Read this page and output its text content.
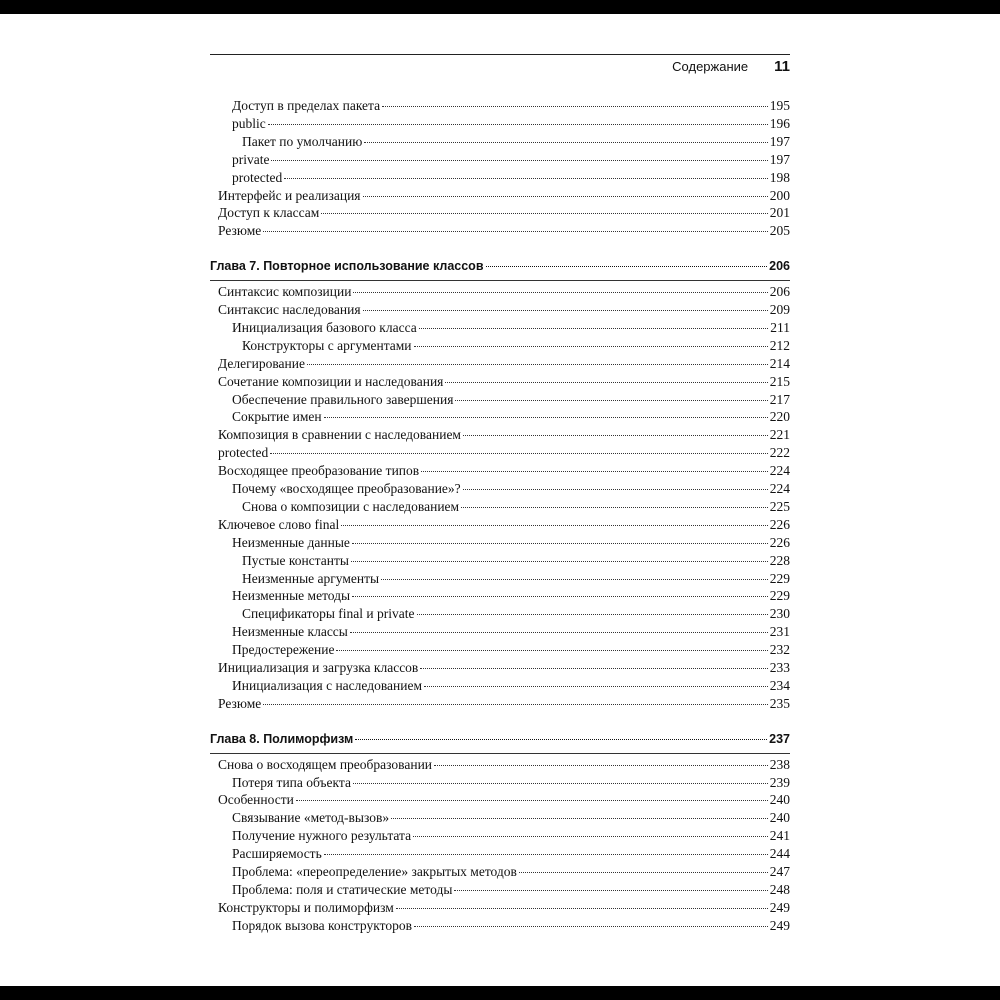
Содержание 11
Доступ в пределах пакета	195
public	196
Пакет по умолчанию	197
private	197
protected	198
Интерфейс и реализация	200
Доступ к классам	201
Резюме	205
Глава 7. Повторное использование классов	206
Синтаксис композиции	206
Синтаксис наследования	209
Инициализация базового класса	211
Конструкторы с аргументами	212
Делегирование	214
Сочетание композиции и наследования	215
Обеспечение правильного завершения	217
Сокрытие имен	220
Композиция в сравнении с наследованием	221
protected	222
Восходящее преобразование типов	224
Почему «восходящее преобразование»?	224
Снова о композиции с наследованием	225
Ключевое слово final	226
Неизменные данные	226
Пустые константы	228
Неизменные аргументы	229
Неизменные методы	229
Спецификаторы final и private	230
Неизменные классы	231
Предостережение	232
Инициализация и загрузка классов	233
Инициализация с наследованием	234
Резюме	235
Глава 8. Полиморфизм	237
Снова о восходящем преобразовании	238
Потеря типа объекта	239
Особенности	240
Связывание «метод-вызов»	240
Получение нужного результата	241
Расширяемость	244
Проблема: «переопределение» закрытых методов	247
Проблема: поля и статические методы	248
Конструкторы и полиморфизм	249
Порядок вызова конструкторов	249
